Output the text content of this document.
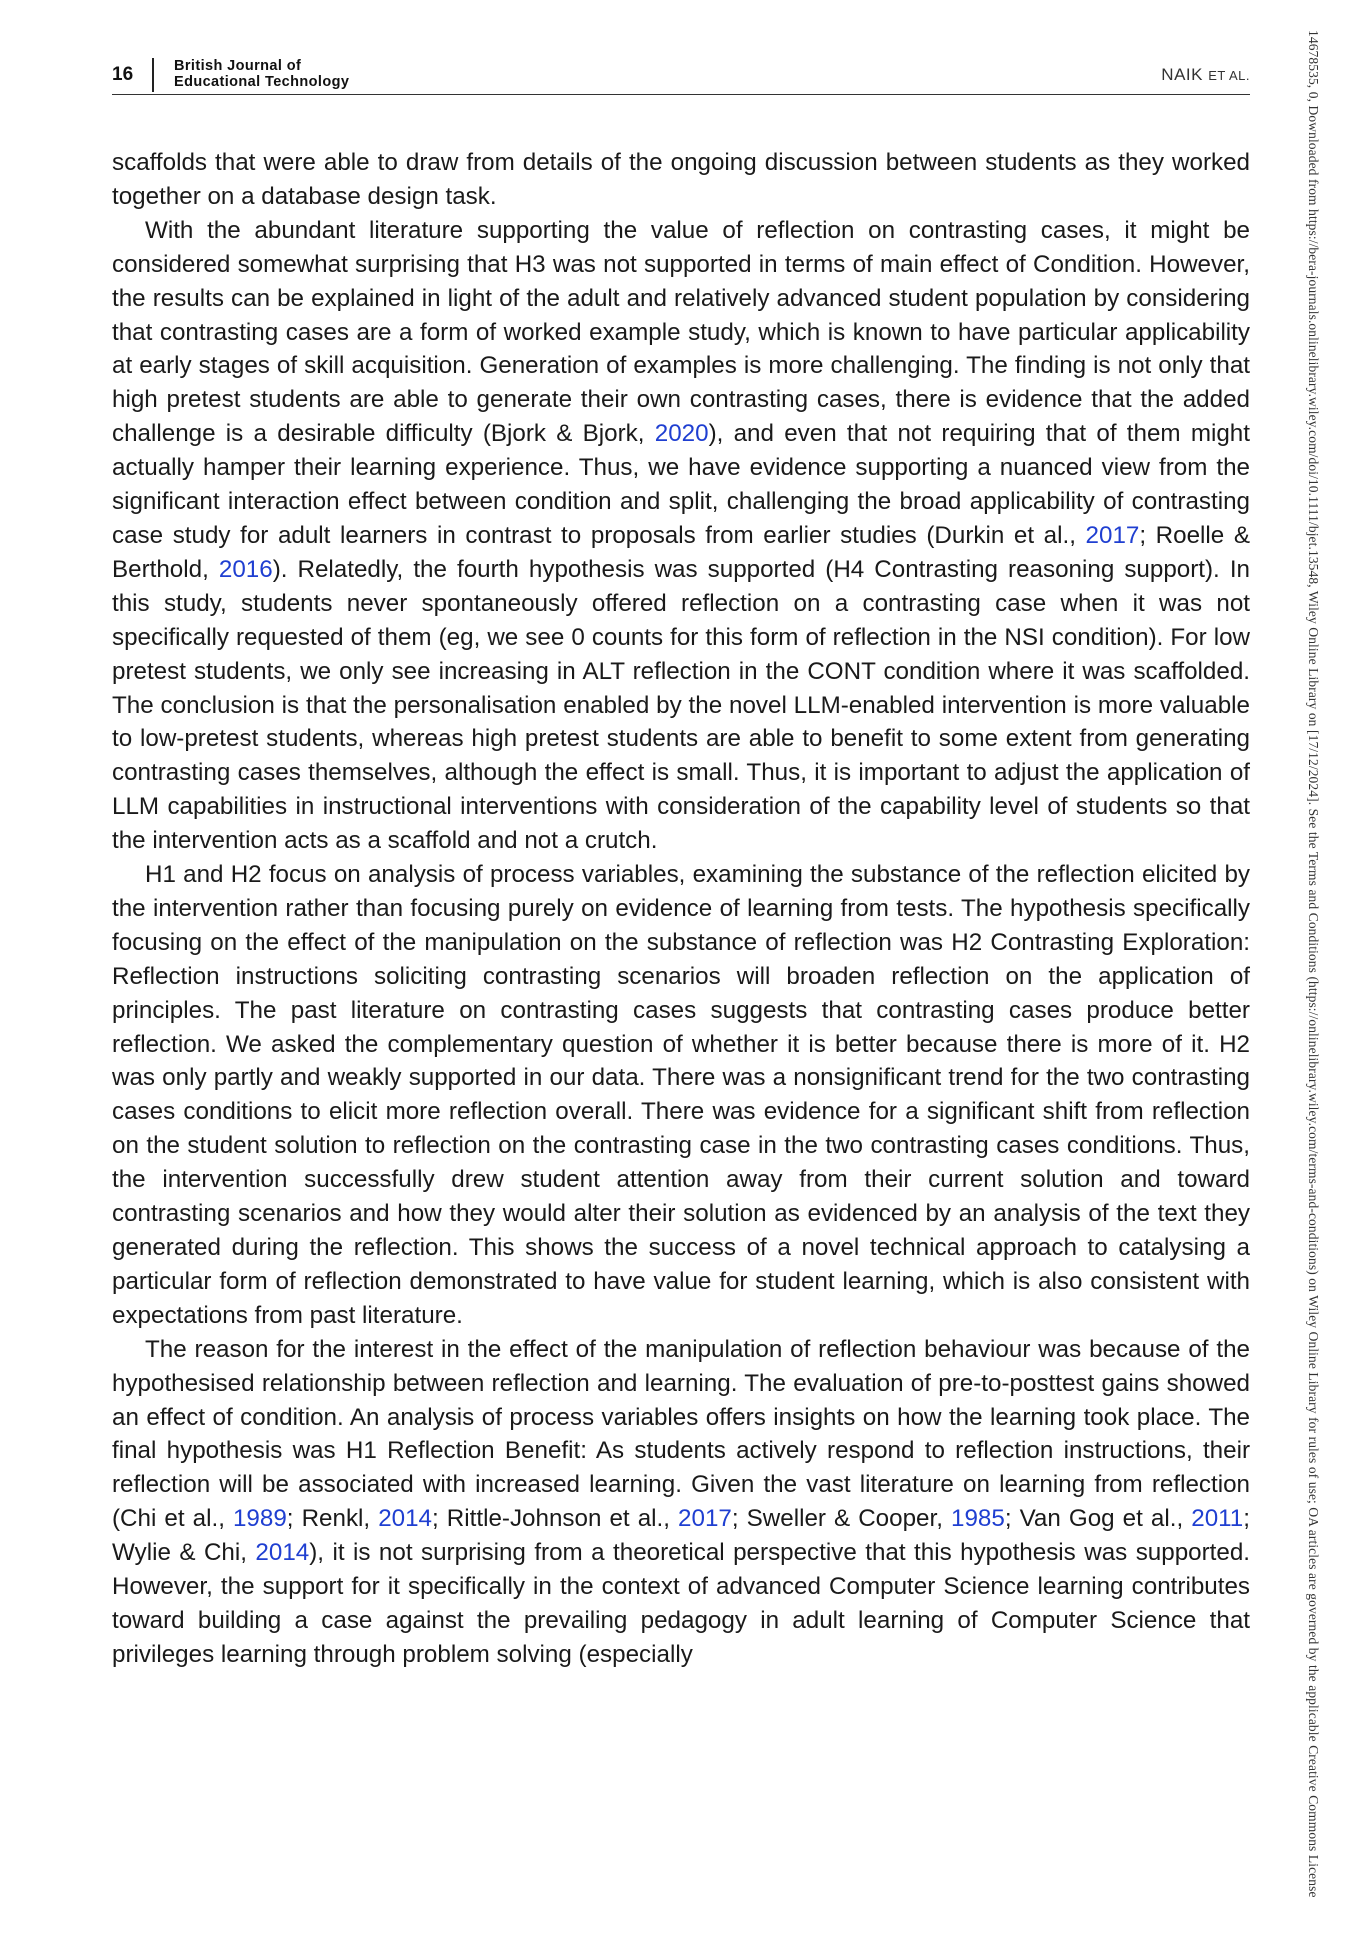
16	British Journal of
Educational Technology	NAIK ET AL.

scaffolds that were able to draw from details of the ongoing discussion between students as they worked together on a database design task.

With the abundant literature supporting the value of reflection on contrasting cases, it might be considered somewhat surprising that H3 was not supported in terms of main effect of Condition. However, the results can be explained in light of the adult and relatively advanced student population by considering that contrasting cases are a form of worked example study, which is known to have particular applicability at early stages of skill acquisition. Generation of examples is more challenging. The finding is not only that high pretest students are able to generate their own contrasting cases, there is evidence that the added challenge is a desirable difficulty (Bjork & Bjork, 2020), and even that not requiring that of them might actually hamper their learning experience. Thus, we have evidence supporting a nuanced view from the significant interaction effect between condition and split, challenging the broad applicability of contrasting case study for adult learners in contrast to proposals from earlier studies (Durkin et al., 2017; Roelle & Berthold, 2016). Relatedly, the fourth hypothesis was supported (H4 Contrasting reasoning support). In this study, students never spontaneously offered reflection on a contrasting case when it was not specifically requested of them (eg, we see 0 counts for this form of reflection in the NSI condition). For low pretest students, we only see increasing in ALT reflection in the CONT condition where it was scaffolded. The conclusion is that the personalisation enabled by the novel LLM-enabled intervention is more valuable to low-pretest students, whereas high pretest students are able to benefit to some extent from generating contrasting cases themselves, although the effect is small. Thus, it is important to adjust the application of LLM capabilities in instructional interventions with consideration of the capability level of students so that the intervention acts as a scaffold and not a crutch.

H1 and H2 focus on analysis of process variables, examining the substance of the reflection elicited by the intervention rather than focusing purely on evidence of learning from tests. The hypothesis specifically focusing on the effect of the manipulation on the substance of reflection was H2 Contrasting Exploration: Reflection instructions soliciting contrasting scenarios will broaden reflection on the application of principles. The past literature on contrasting cases suggests that contrasting cases produce better reflection. We asked the complementary question of whether it is better because there is more of it. H2 was only partly and weakly supported in our data. There was a nonsignificant trend for the two contrasting cases conditions to elicit more reflection overall. There was evidence for a significant shift from reflection on the student solution to reflection on the contrasting case in the two contrasting cases conditions. Thus, the intervention successfully drew student attention away from their current solution and toward contrasting scenarios and how they would alter their solution as evidenced by an analysis of the text they generated during the reflection. This shows the success of a novel technical approach to catalysing a particular form of reflection demonstrated to have value for student learning, which is also consistent with expectations from past literature.

The reason for the interest in the effect of the manipulation of reflection behaviour was because of the hypothesised relationship between reflection and learning. The evaluation of pre-to-posttest gains showed an effect of condition. An analysis of process variables offers insights on how the learning took place. The final hypothesis was H1 Reflection Benefit: As students actively respond to reflection instructions, their reflection will be associated with increased learning. Given the vast literature on learning from reflection (Chi et al., 1989; Renkl, 2014; Rittle-Johnson et al., 2017; Sweller & Cooper, 1985; Van Gog et al., 2011; Wylie & Chi, 2014), it is not surprising from a theoretical perspective that this hypothesis was supported. However, the support for it specifically in the context of advanced Computer Science learning contributes toward building a case against the prevailing pedagogy in adult learning of Computer Science that privileges learning through problem solving (especially	14678535, 0, Downloaded from https://bera-journals.onlinelibrary.wiley.com/doi/10.1111/bjet.13548, Wiley Online Library on [17/12/2024]. See the Terms and Conditions (https://onlinelibrary.wiley.com/terms-and-conditions) on Wiley Online Library for rules of use; OA articles are governed by the applicable Creative Commons License
